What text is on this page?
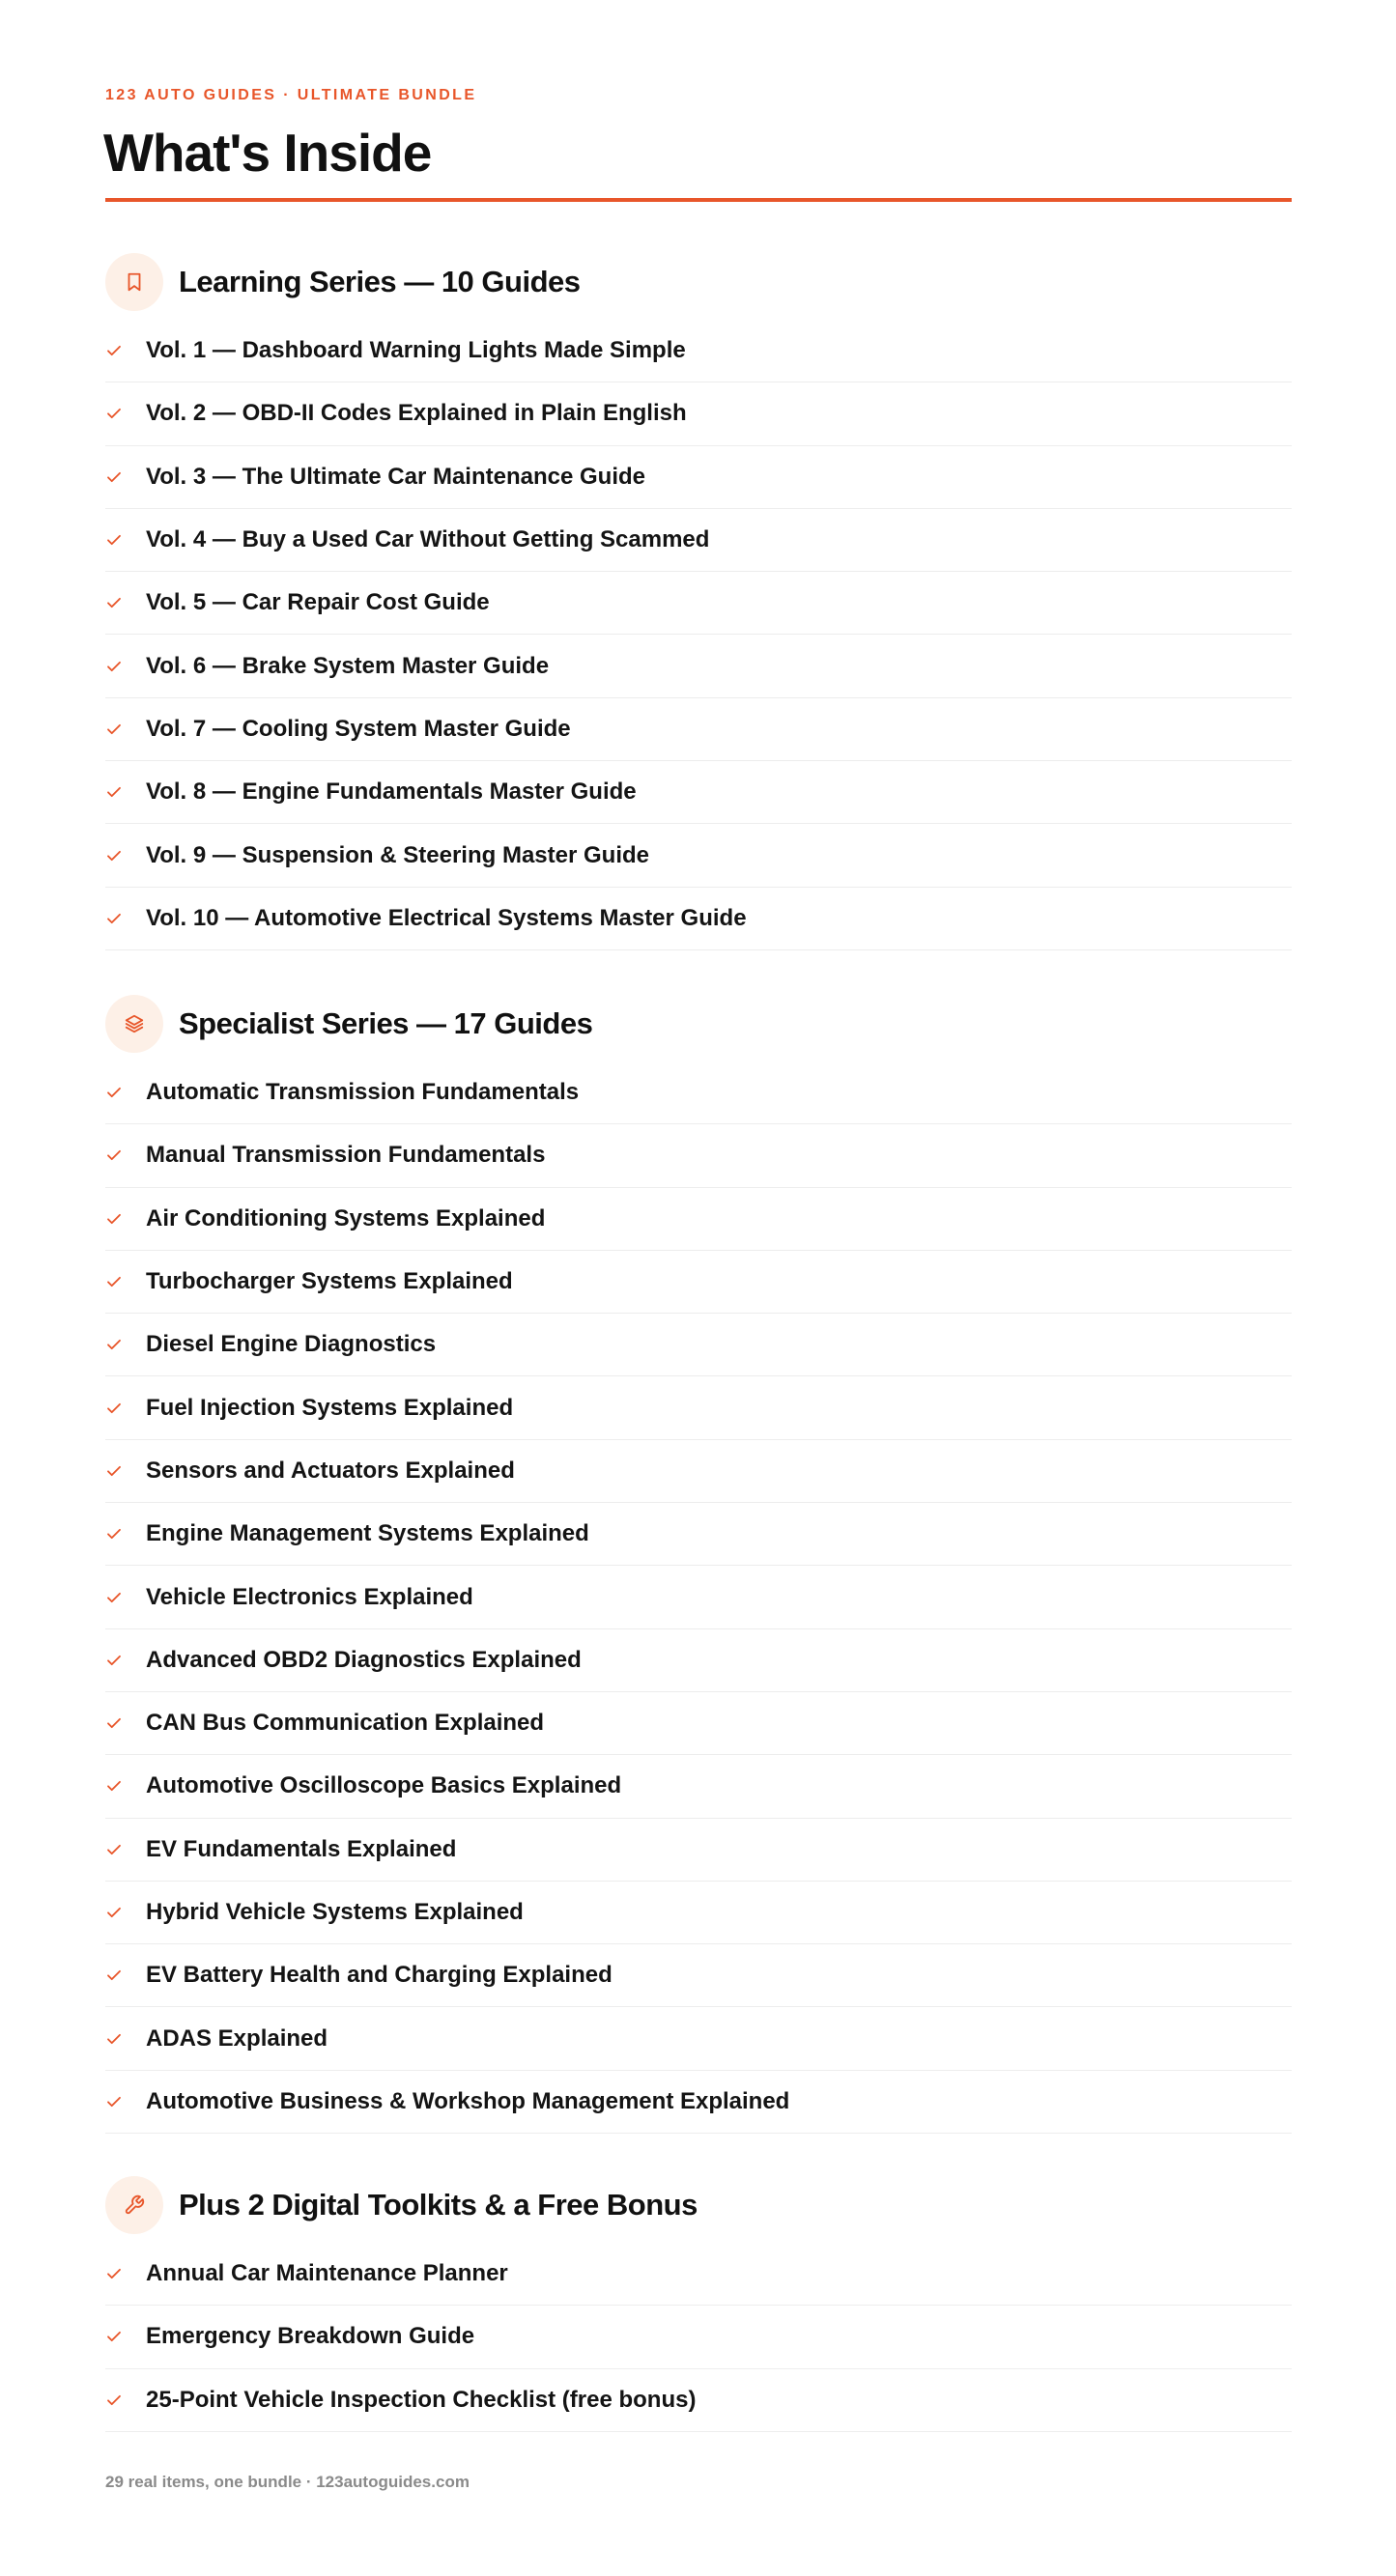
123 AUTO GUIDES · ULTIMATE BUNDLE
What's Inside
Learning Series — 10 Guides
Vol. 1 — Dashboard Warning Lights Made Simple
Vol. 2 — OBD-II Codes Explained in Plain English
Vol. 3 — The Ultimate Car Maintenance Guide
Vol. 4 — Buy a Used Car Without Getting Scammed
Vol. 5 — Car Repair Cost Guide
Vol. 6 — Brake System Master Guide
Vol. 7 — Cooling System Master Guide
Vol. 8 — Engine Fundamentals Master Guide
Vol. 9 — Suspension & Steering Master Guide
Vol. 10 — Automotive Electrical Systems Master Guide
Specialist Series — 17 Guides
Automatic Transmission Fundamentals
Manual Transmission Fundamentals
Air Conditioning Systems Explained
Turbocharger Systems Explained
Diesel Engine Diagnostics
Fuel Injection Systems Explained
Sensors and Actuators Explained
Engine Management Systems Explained
Vehicle Electronics Explained
Advanced OBD2 Diagnostics Explained
CAN Bus Communication Explained
Automotive Oscilloscope Basics Explained
EV Fundamentals Explained
Hybrid Vehicle Systems Explained
EV Battery Health and Charging Explained
ADAS Explained
Automotive Business & Workshop Management Explained
Plus 2 Digital Toolkits & a Free Bonus
Annual Car Maintenance Planner
Emergency Breakdown Guide
25-Point Vehicle Inspection Checklist (free bonus)
29 real items, one bundle · 123autoguides.com
